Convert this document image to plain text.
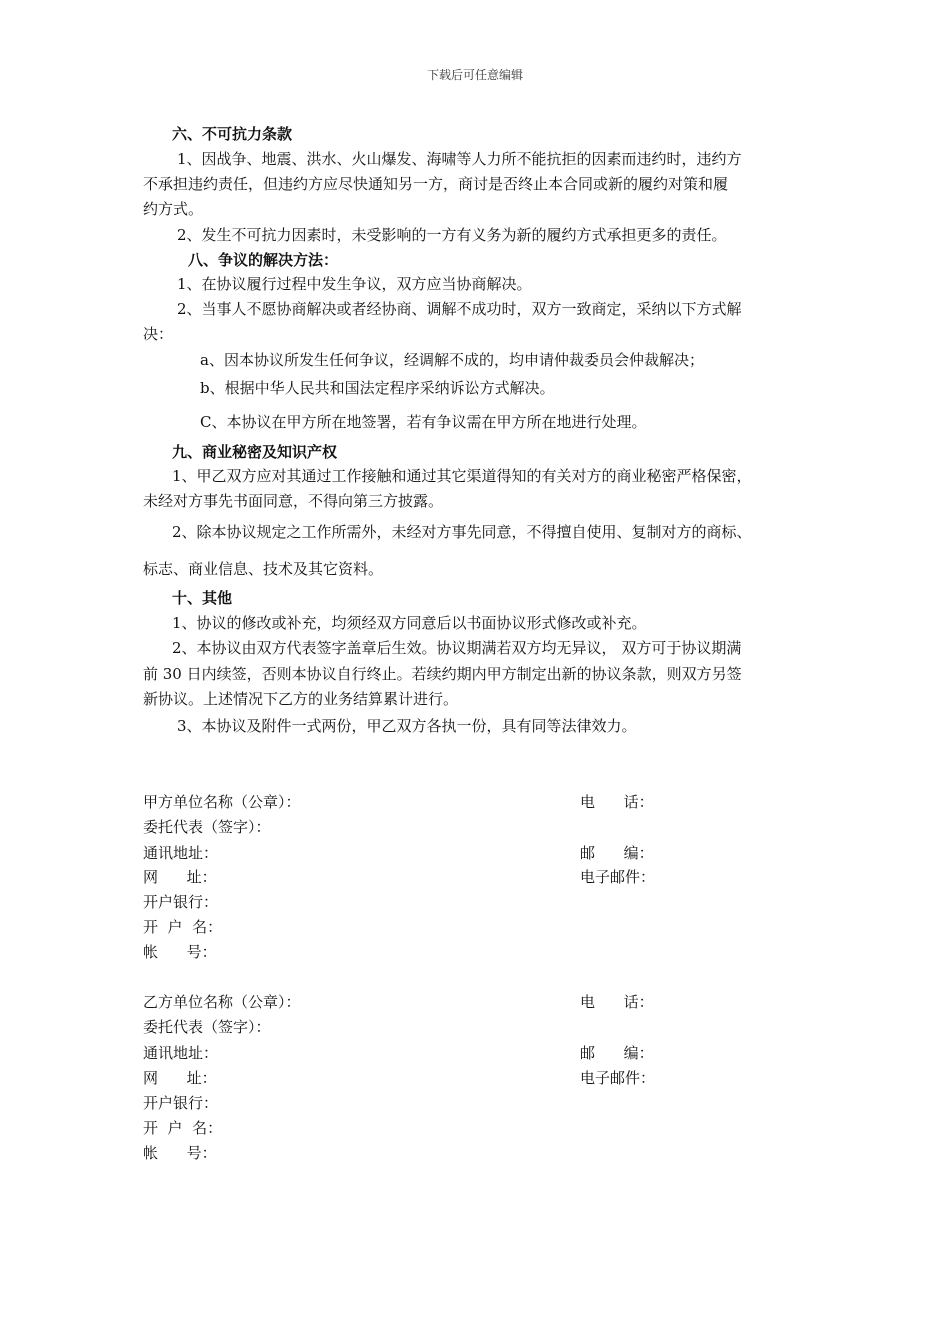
下载后可任意编辑
六、不可抗力条款
1、因战争、地震、洪水、火山爆发、海啸等人力所不能抗拒的因素而违约时，违约方
不承担违约责任，但违约方应尽快通知另一方，商讨是否终止本合同或新的履约对策和履
约方式。
2、发生不可抗力因素时，未受影响的一方有义务为新的履约方式承担更多的责任。
八、争议的解决方法：
1、在协议履行过程中发生争议，双方应当协商解决。
2、当事人不愿协商解决或者经协商、调解不成功时，双方一致商定，采纳以下方式解
决：
a、因本协议所发生任何争议，经调解不成的，均申请仲裁委员会仲裁解决；
b、根据中华人民共和国法定程序采纳诉讼方式解决。
C、本协议在甲方所在地签署，若有争议需在甲方所在地进行处理。
九、商业秘密及知识产权
1、甲乙双方应对其通过工作接触和通过其它渠道得知的有关对方的商业秘密严格保密，
未经对方事先书面同意，不得向第三方披露。
2、除本协议规定之工作所需外，未经对方事先同意，不得擅自使用、复制对方的商标、
标志、商业信息、技术及其它资料。
十、其他
1、协议的修改或补充，均须经双方同意后以书面协议形式修改或补充。
2、本协议由双方代表签字盖章后生效。协议期满若双方均无异议， 双方可于协议期满
前 30 日内续签，否则本协议自行终止。若续约期内甲方制定出新的协议条款，则双方另签
新协议。上述情况下乙方的业务结算累计进行。
3、本协议及附件一式两份，甲乙双方各执一份，具有同等法律效力。
甲方单位名称（公章）：	电      话：
委托代表（签字）：
通讯地址：	邮      编：
网      址：	电子邮件：
开户银行：
开  户  名：
帐      号：
乙方单位名称（公章）：	电      话：
委托代表（签字）：
通讯地址：	邮      编：
网      址：	电子邮件：
开户银行：
开  户  名：
帐      号：
